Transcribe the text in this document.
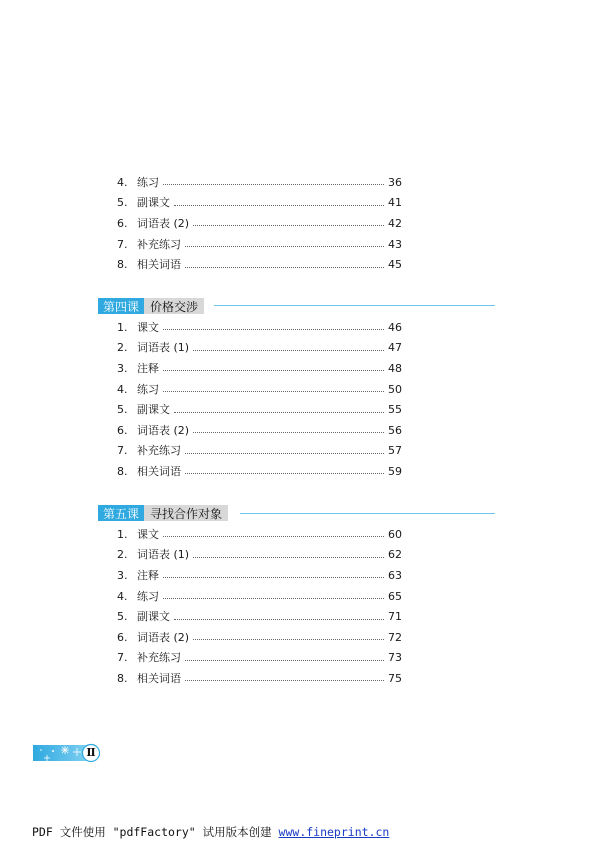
4. 练习	36
5. 副课文	41
6. 词语表 (2)	42
7. 补充练习	43
8. 相关词语	45
第四课 价格交涉
1. 课文	46
2. 词语表 (1)	47
3. 注释	48
4. 练习	50
5. 副课文	55
6. 词语表 (2)	56
7. 补充练习	57
8. 相关词语	59
第五课 寻找合作对象
1. 课文	60
2. 词语表 (1)	62
3. 注释	63
4. 练习	65
5. 副课文	71
6. 词语表 (2)	72
7. 补充练习	73
8. 相关词语	75
Ⅱ
PDF 文件使用 "pdfFactory" 试用版本创建 www.fineprint.cn
